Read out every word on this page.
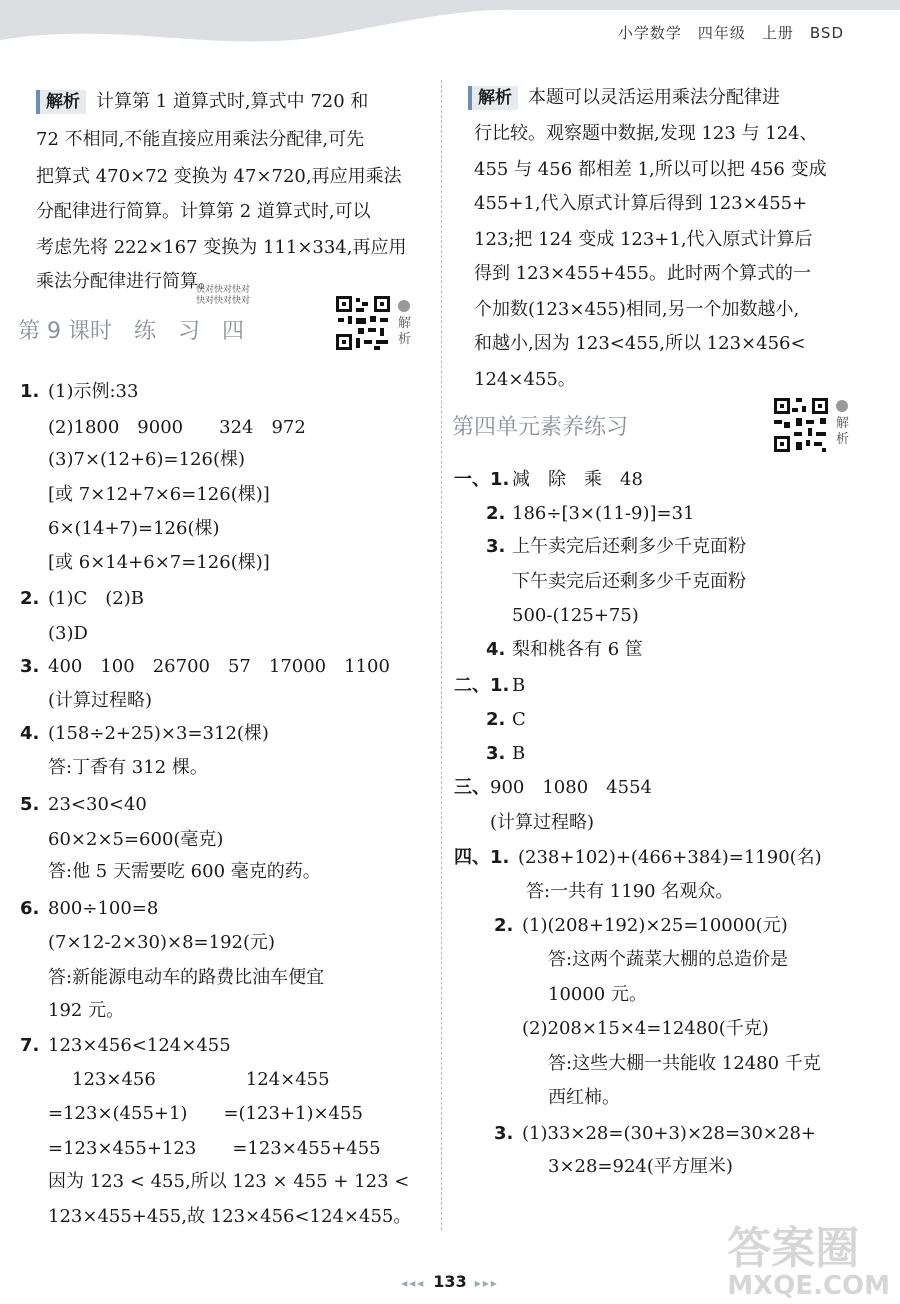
小学数学 四年级 上册 BSD
解析 计算第 1 道算式时,算式中 720 和
72 不相同,不能直接应用乘法分配律,可先
把算式 470×72 变换为 47×720,再应用乘法
分配律进行简算。计算第 2 道算式时,可以
考虑先将 222×167 变换为 111×334,再应用
乘法分配律进行简算。
快对快对快对
快对快对快对
第 9 课时　练　习　四
1. (1)示例:33
(2)1800　9000　　324　972
(3)7×(12+6)=126(棵)
[或 7×12+7×6=126(棵)]
6×(14+7)=126(棵)
[或 6×14+6×7=126(棵)]
2. (1)C　(2)B
(3)D
3. 400　100　26700　57　17000　1100
(计算过程略)
4. (158÷2+25)×3=312(棵)
答:丁香有 312 棵。
5. 23<30<40
60×2×5=600(毫克)
答:他 5 天需要吃 600 毫克的药。
6. 800÷100=8
(7×12-2×30)×8=192(元)
答:新能源电动车的路费比油车便宜
192 元。
7. 123×456<124×455
123×456　　　　　124×455
=123×(455+1)　　=(123+1)×455
=123×455+123　　=123×455+455
因为 123 < 455,所以 123 × 455 + 123 <
123×455+455,故 123×456<124×455。
解析 本题可以灵活运用乘法分配律进
行比较。观察题中数据,发现 123 与 124、
455 与 456 都相差 1,所以可以把 456 变成
455+1,代入原式计算后得到 123×455+
123;把 124 变成 123+1,代入原式计算后
得到 123×455+455。此时两个算式的一
个加数(123×455)相同,另一个加数越小,
和越小,因为 123<455,所以 123×456<
124×455。
第四单元素养练习
一、1. 减　除　乘　48
2. 186÷[3×(11-9)]=31
3. 上午卖完后还剩多少千克面粉
下午卖完后还剩多少千克面粉
500-(125+75)
4. 梨和桃各有 6 筐
二、1. B
2. C
3. B
三、 900　1080　4554
(计算过程略)
四、1. (238+102)+(466+384)=1190(名)
答:一共有 1190 名观众。
2. (1)(208+192)×25=10000(元)
答:这两个蔬菜大棚的总造价是
10000 元。
(2)208×15×4=12480(千克)
答:这些大棚一共能收 12480 千克
西红柿。
3. (1)33×28=(30+3)×28=30×28+
3×28=924(平方厘米)
解析
解析
◂◂◂ 133 ▸▸▸
答案圈
MXQE.COM
